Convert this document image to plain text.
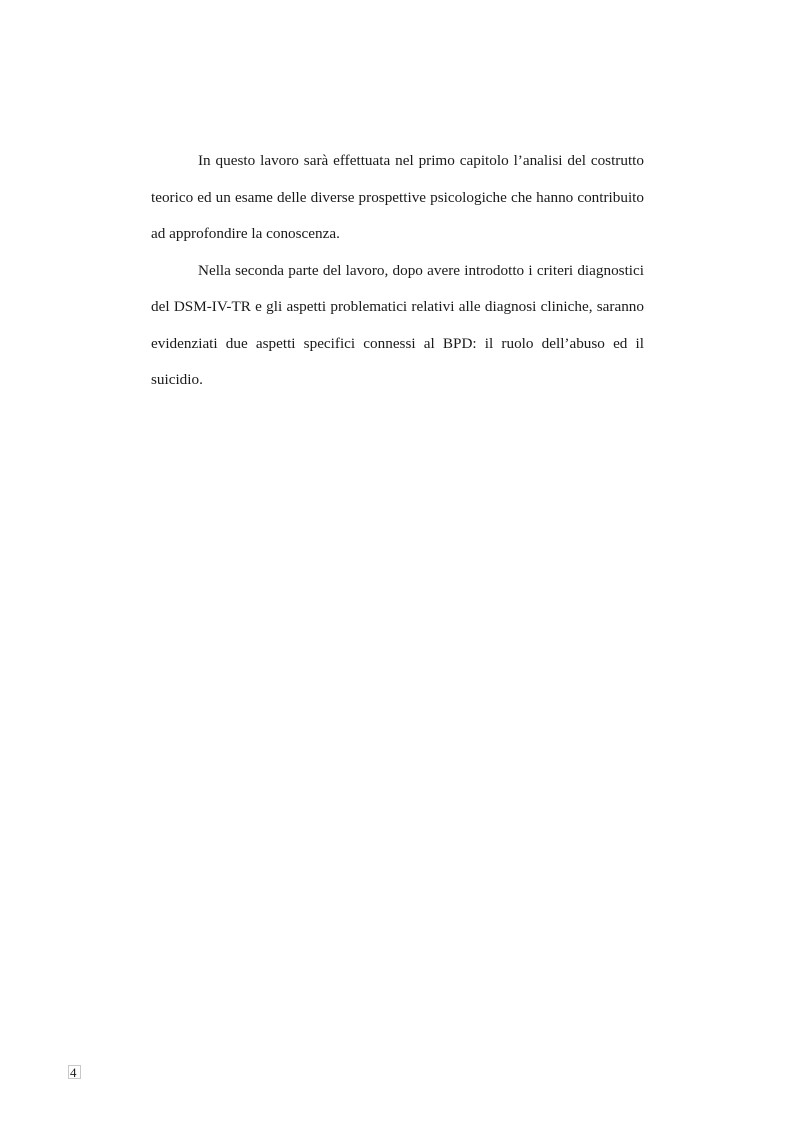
In questo lavoro sarà effettuata nel primo capitolo l’analisi del costrutto teorico ed un esame delle diverse prospettive psicologiche che hanno contribuito ad approfondire la conoscenza.

Nella seconda parte del lavoro, dopo avere introdotto i criteri diagnostici del DSM-IV-TR e gli aspetti problematici relativi alle diagnosi cliniche, saranno evidenziati due aspetti specifici connessi al BPD: il ruolo dell’abuso ed il suicidio.

4
